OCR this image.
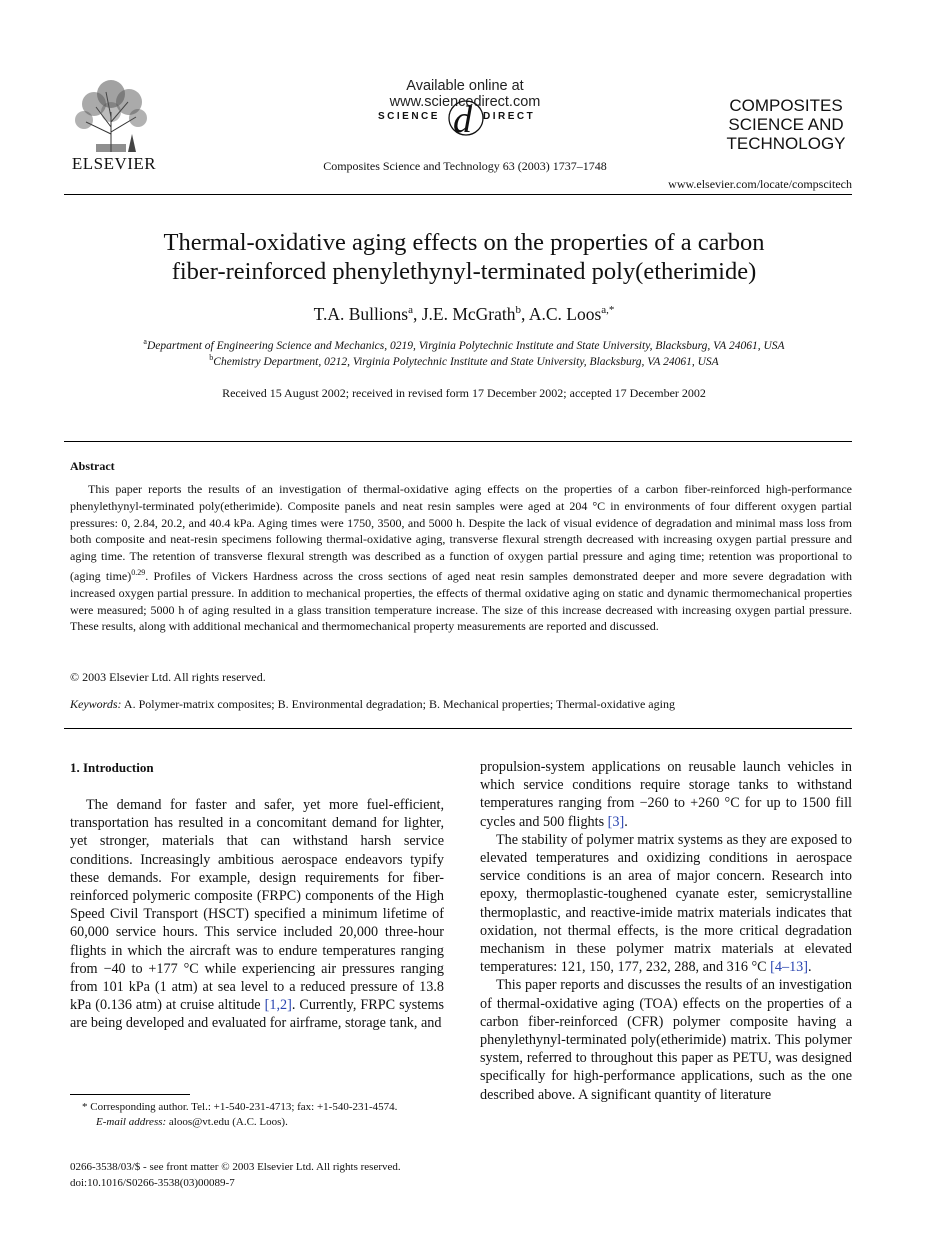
ELSEVIER
Available online at www.sciencedirect.com
d
SCIENCE	DIRECT
Composites Science and Technology 63 (2003) 1737–1748
COMPOSITES
SCIENCE AND
TECHNOLOGY
www.elsevier.com/locate/compscitech
Thermal-oxidative aging effects on the properties of a carbon
fiber-reinforced phenylethynyl-terminated poly(etherimide)
T.A. Bullions$^a$, J.E. McGrath$^b$, A.C. Loos$^{a,*}$
$^a$Department of Engineering Science and Mechanics, 0219, Virginia Polytechnic Institute and State University, Blacksburg, VA 24061, USA
$^b$Chemistry Department, 0212, Virginia Polytechnic Institute and State University, Blacksburg, VA 24061, USA
Received 15 August 2002; received in revised form 17 December 2002; accepted 17 December 2002
Abstract
This paper reports the results of an investigation of thermal-oxidative aging effects on the properties of a carbon fiber-reinforced high-performance phenylethynyl-terminated poly(etherimide). Composite panels and neat resin samples were aged at 204 °C in environments of four different oxygen partial pressures: 0, 2.84, 20.2, and 40.4 kPa. Aging times were 1750, 3500, and 5000 h. Despite the lack of visual evidence of degradation and minimal mass loss from both composite and neat-resin specimens following thermal-oxidative aging, transverse flexural strength decreased with increasing oxygen partial pressure and aging time. The retention of transverse flexural strength was described as a function of oxygen partial pressure and aging time; retention was proportional to (aging time)$^{0.29}$. Profiles of Vickers Hardness across the cross sections of aged neat resin samples demonstrated deeper and more severe degradation with increased oxygen partial pressure. In addition to mechanical properties, the effects of thermal oxidative aging on static and dynamic thermomechanical properties were measured; 5000 h of aging resulted in a glass transition temperature increase. The size of this increase decreased with increasing oxygen partial pressure. These results, along with additional mechanical and thermomechanical property measurements are reported and discussed.
© 2003 Elsevier Ltd. All rights reserved.
Keywords: A. Polymer-matrix composites; B. Environmental degradation; B. Mechanical properties; Thermal-oxidative aging
1. Introduction
The demand for faster and safer, yet more fuel-efficient, transportation has resulted in a concomitant demand for lighter, yet stronger, materials that can withstand harsh service conditions. Increasingly ambitious aerospace endeavors typify these demands. For example, design requirements for fiber-reinforced polymeric composite (FRPC) components of the High Speed Civil Transport (HSCT) specified a minimum lifetime of 60,000 service hours. This service included 20,000 three-hour flights in which the aircraft was to endure temperatures ranging from −40 to +177 °C while experiencing air pressures ranging from 101 kPa (1 atm) at sea level to a reduced pressure of 13.8 kPa (0.136 atm) at cruise altitude [1,2]. Currently, FRPC systems are being developed and evaluated for airframe, storage tank, and

propulsion-system applications on reusable launch vehicles in which service conditions require storage tanks to withstand temperatures ranging from −260 to +260 °C for up to 1500 fill cycles and 500 flights [3].

The stability of polymer matrix systems as they are exposed to elevated temperatures and oxidizing conditions in aerospace service conditions is an area of major concern. Research into epoxy, thermoplastic-toughened cyanate ester, semicrystalline thermoplastic, and reactive-imide matrix materials indicates that oxidation, not thermal effects, is the more critical degradation mechanism in these polymer matrix materials at elevated temperatures: 121, 150, 177, 232, 288, and 316 °C [4–13].

This paper reports and discusses the results of an investigation of thermal-oxidative aging (TOA) effects on the properties of a carbon fiber-reinforced (CFR) polymer composite having a phenylethynyl-terminated poly(etherimide) matrix. This polymer system, referred to throughout this paper as PETU, was designed specifically for high-performance applications, such as the one described above. A significant quantity of literature

* Corresponding author. Tel.: +1-540-231-4713; fax: +1-540-231-4574.
E-mail address: aloos@vt.edu (A.C. Loos).
0266-3538/03/$ - see front matter © 2003 Elsevier Ltd. All rights reserved.
doi:10.1016/S0266-3538(03)00089-7
